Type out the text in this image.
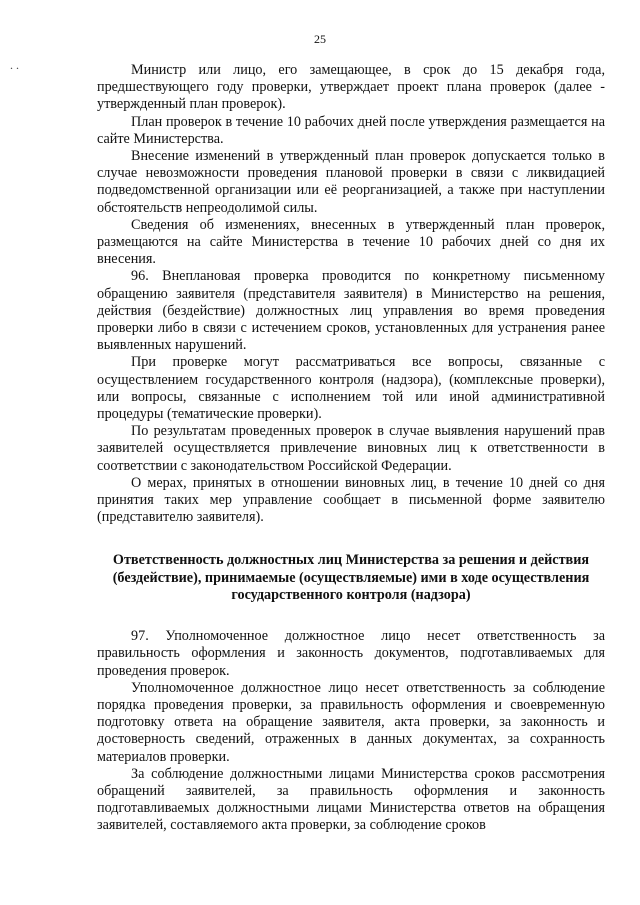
25
. .	Министр или лицо, его замещающее, в срок до 15 декабря года, предшествующего году проверки, утверждает проект плана проверок (далее - утвержденный план проверок).

План проверок в течение 10 рабочих дней после утверждения размещается на сайте Министерства.

Внесение изменений в утвержденный план проверок допускается только в случае невозможности проведения плановой проверки в связи с ликвидацией подведомственной организации или её реорганизацией, а также при наступлении обстоятельств непреодолимой силы.

Сведения об изменениях, внесенных в утвержденный план проверок, размещаются на сайте Министерства в течение 10 рабочих дней со дня их внесения.

96. Внеплановая проверка проводится по конкретному письменному обращению заявителя (представителя заявителя) в Министерство на решения, действия (бездействие) должностных лиц управления во время проведения проверки либо в связи с истечением сроков, установленных для устранения ранее выявленных нарушений.

При проверке могут рассматриваться все вопросы, связанные с осуществлением государственного контроля (надзора), (комплексные проверки), или вопросы, связанные с исполнением той или иной административной процедуры (тематические проверки).

По результатам проведенных проверок в случае выявления нарушений прав заявителей осуществляется привлечение виновных лиц к ответственности в соответствии с законодательством Российской Федерации.

О мерах, принятых в отношении виновных лиц, в течение 10 дней со дня принятия таких мер управление сообщает в письменной форме заявителю (представителю заявителя).

Ответственность должностных лиц Министерства за решения и действия (бездействие), принимаемые (осуществляемые) ими в ходе осуществления государственного контроля (надзора)

97. Уполномоченное должностное лицо несет ответственность за правильность оформления и законность документов, подготавливаемых для проведения проверок.

Уполномоченное должностное лицо несет ответственность за соблюдение порядка проведения проверки, за правильность оформления и своевременную подготовку ответа на обращение заявителя, акта проверки, за законность и достоверность сведений, отраженных в данных документах, за сохранность материалов проверки.

За соблюдение должностными лицами Министерства сроков рассмотрения обращений заявителей, за правильность оформления и законность подготавливаемых должностными лицами Министерства ответов на обращения заявителей, составляемого акта проверки, за соблюдение сроков
